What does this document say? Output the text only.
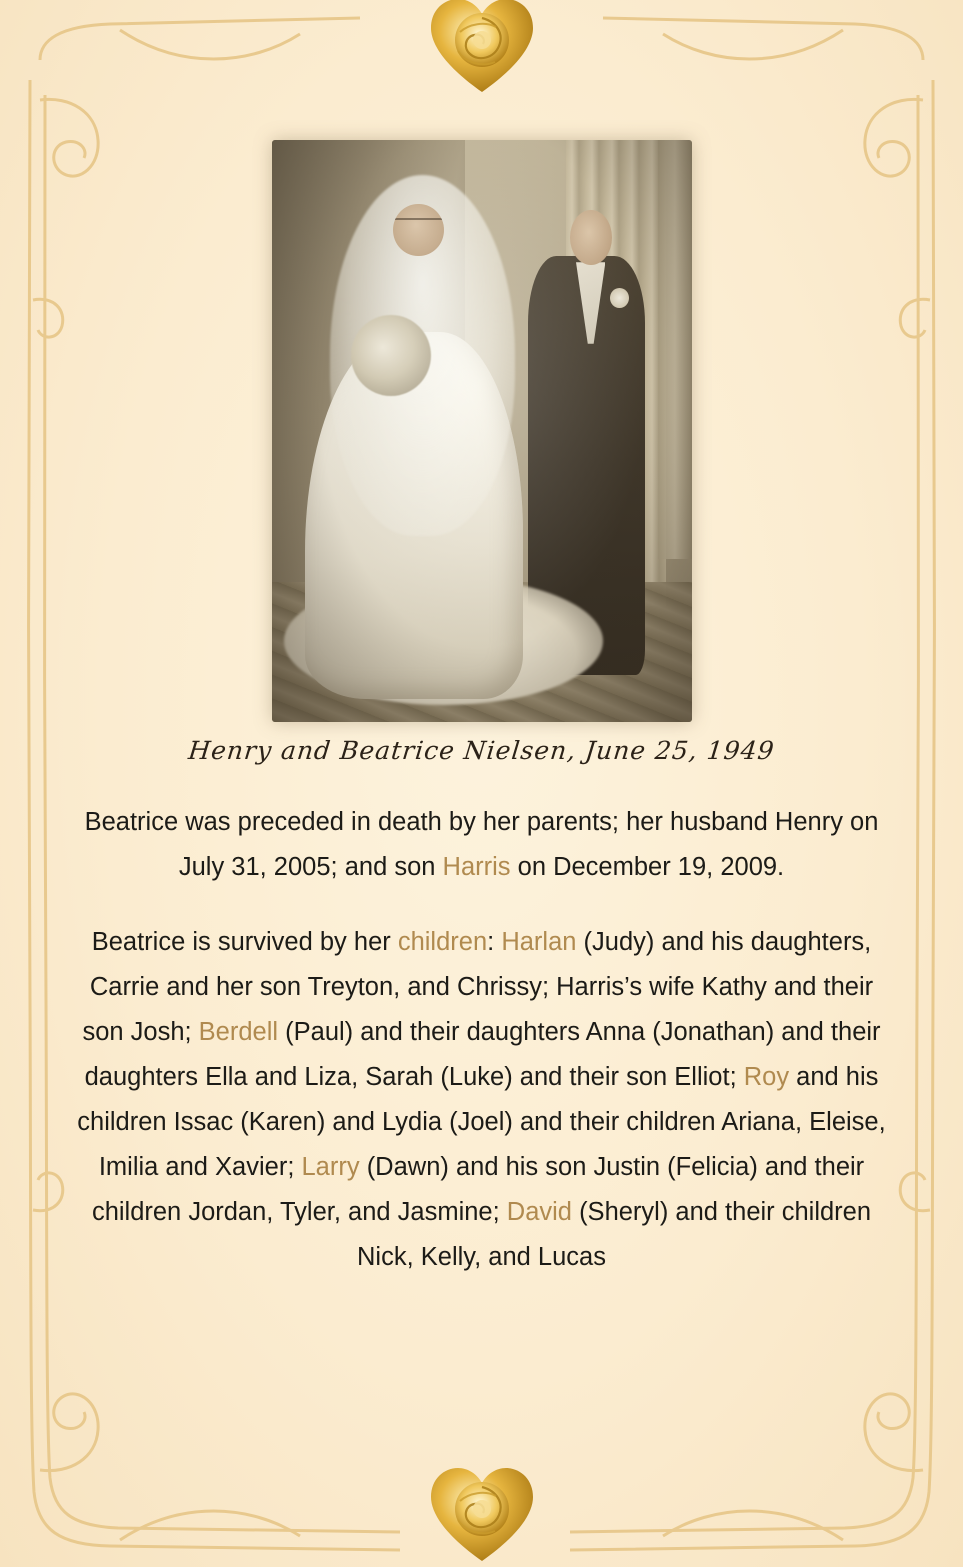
Henry and Beatrice Nielsen, June 25, 1949

Beatrice was preceded in death by her parents; her husband Henry on July 31, 2005; and son Harris on December 19, 2009.

Beatrice is survived by her children: Harlan (Judy) and his daughters, Carrie and her son Treyton, and Chrissy; Harris’s wife Kathy and their son Josh; Berdell (Paul) and their daughters Anna (Jonathan) and their daughters Ella and Liza, Sarah (Luke) and their son Elliot; Roy and his children Issac (Karen) and Lydia (Joel) and their children Ariana, Eleise, Imilia and Xavier; Larry (Dawn) and his son Justin (Felicia) and their children Jordan, Tyler, and Jasmine; David (Sheryl) and their children Nick, Kelly, and Lucas
